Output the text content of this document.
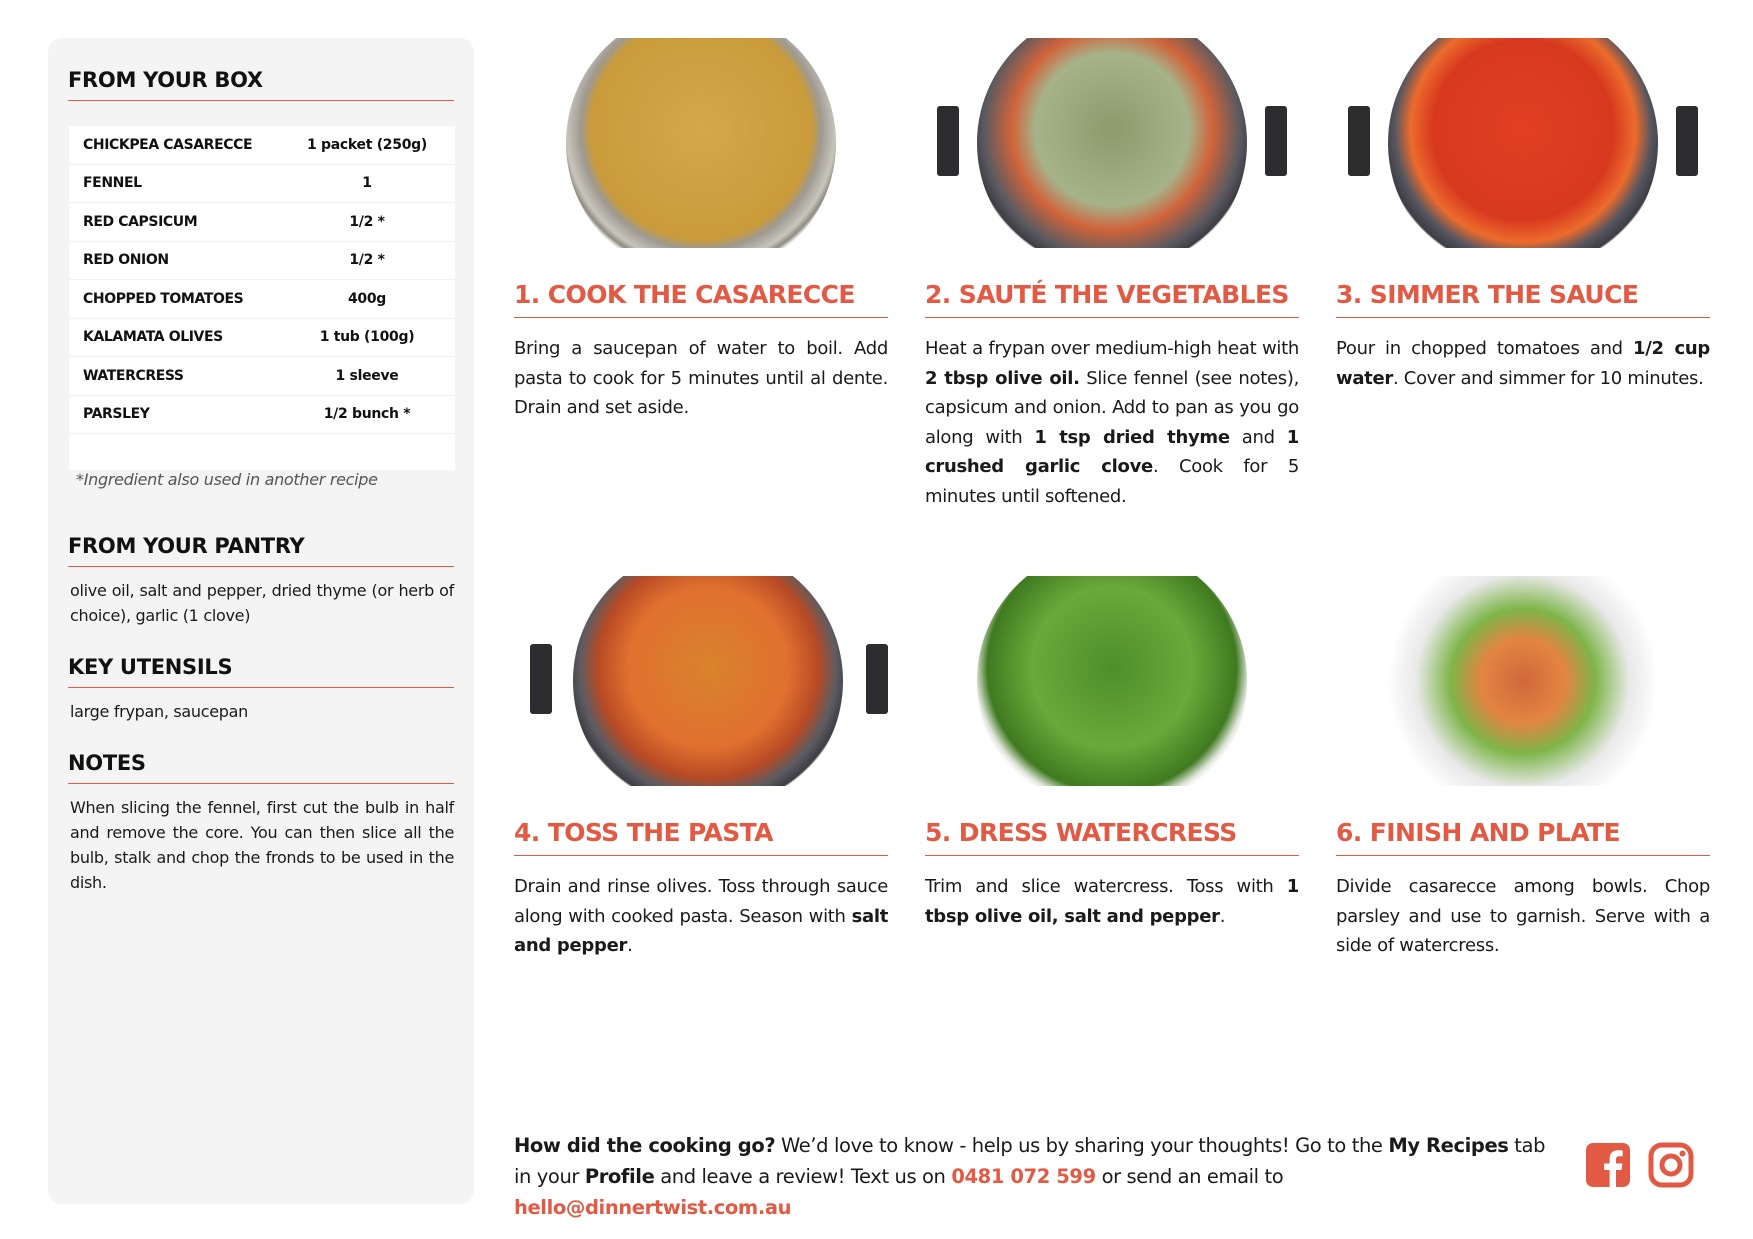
FROM YOUR BOX
CHICKPEA CASARECCE	1 packet (250g)
FENNEL	1
RED CAPSICUM	1/2 *
RED ONION	1/2 *
CHOPPED TOMATOES	400g
KALAMATA OLIVES	1 tub (100g)
WATERCRESS	1 sleeve
PARSLEY	1/2 bunch *
*Ingredient also used in another recipe
FROM YOUR PANTRY
olive oil, salt and pepper, dried thyme (or herb of choice), garlic (1 clove)
KEY UTENSILS
large frypan, saucepan
NOTES
When slicing the fennel, first cut the bulb in half and remove the core. You can then slice all the bulb, stalk and chop the fronds to be used in the dish.
1. COOK THE CASARECCE
Bring a saucepan of water to boil. Add pasta to cook for 5 minutes until al dente. Drain and set aside.
2. SAUTÉ THE VEGETABLES
Heat a frypan over medium-high heat with 2 tbsp olive oil. Slice fennel (see notes), capsicum and onion. Add to pan as you go along with 1 tsp dried thyme and 1 crushed garlic clove. Cook for 5 minutes until softened.
3. SIMMER THE SAUCE
Pour in chopped tomatoes and 1/2 cup water. Cover and simmer for 10 minutes.
4. TOSS THE PASTA
Drain and rinse olives. Toss through sauce along with cooked pasta. Season with salt and pepper.
5. DRESS WATERCRESS
Trim and slice watercress. Toss with 1 tbsp olive oil, salt and pepper.
6. FINISH AND PLATE
Divide casarecce among bowls. Chop parsley and use to garnish. Serve with a side of watercress.
How did the cooking go? We’d love to know - help us by sharing your thoughts! Go to the My Recipes tab in your Profile and leave a review! Text us on 0481 072 599 or send an email to hello@dinnertwist.com.au
